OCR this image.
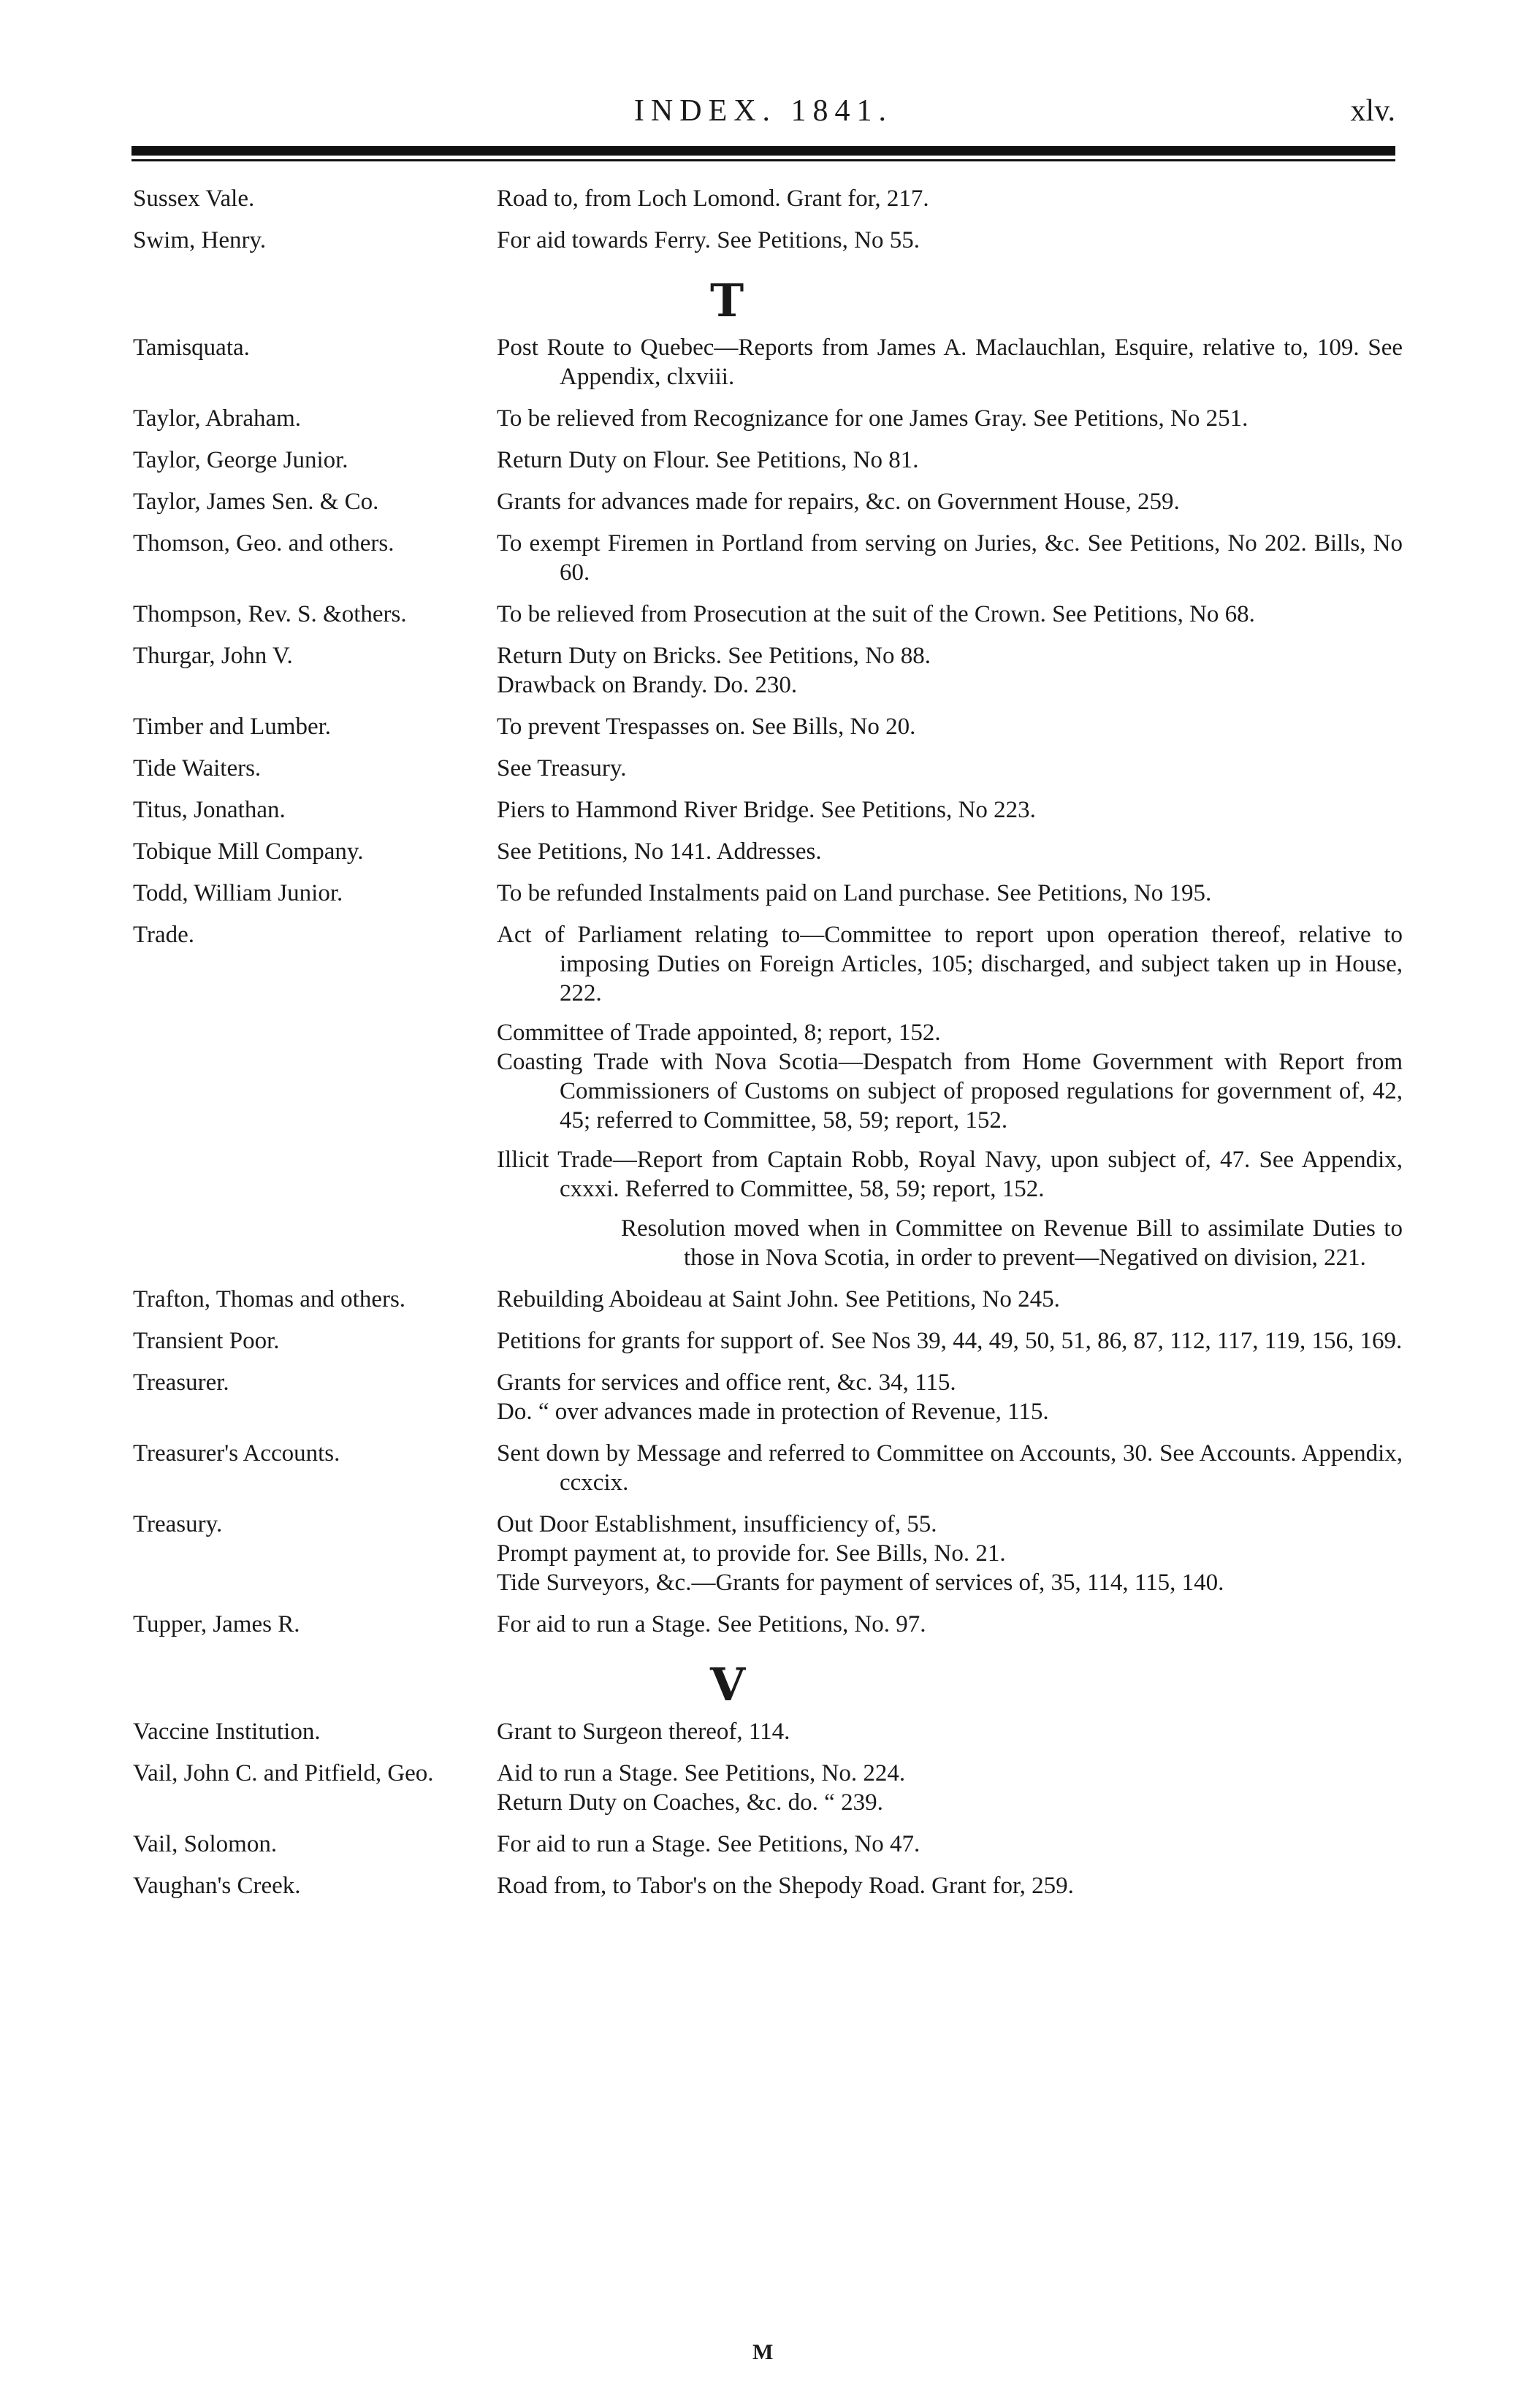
INDEX. 1841.	xlv.
Sussex Vale.	Road to, from Loch Lomond. Grant for, 217.
Swim, Henry.	For aid towards Ferry. See Petitions, No 55.
T
Tamisquata.	Post Route to Quebec—Reports from James A. Maclauchlan, Esquire, relative to, 109. See Appendix, clxviii.
Taylor, Abraham.	To be relieved from Recognizance for one James Gray. See Petitions, No 251.
Taylor, George Junior.	Return Duty on Flour. See Petitions, No 81.
Taylor, James Sen. & Co.	Grants for advances made for repairs, &c. on Government House, 259.
Thomson, Geo. and others.	To exempt Firemen in Portland from serving on Juries, &c. See Petitions, No 202. Bills, No 60.
Thompson, Rev. S. &others.	To be relieved from Prosecution at the suit of the Crown. See Petitions, No 68.
Thurgar, John V.	Return Duty on Bricks. See Petitions, No 88.
Drawback on Brandy. Do. 230.
Timber and Lumber.	To prevent Trespasses on. See Bills, No 20.
Tide Waiters.	See Treasury.
Titus, Jonathan.	Piers to Hammond River Bridge. See Petitions, No 223.
Tobique Mill Company.	See Petitions, No 141. Addresses.
Todd, William Junior.	To be refunded Instalments paid on Land purchase. See Petitions, No 195.
Trade.	Act of Parliament relating to—Committee to report upon operation thereof, relative to imposing Duties on Foreign Articles, 105; discharged, and subject taken up in House, 222.
Committee of Trade appointed, 8; report, 152.
Coasting Trade with Nova Scotia—Despatch from Home Government with Report from Commissioners of Customs on subject of proposed regulations for government of, 42, 45; referred to Committee, 58, 59; report, 152.
Illicit Trade—Report from Captain Robb, Royal Navy, upon subject of, 47. See Appendix, cxxxi. Referred to Committee, 58, 59; report, 152.
Resolution moved when in Committee on Revenue Bill to assimilate Duties to those in Nova Scotia, in order to prevent—Negatived on division, 221.
Trafton, Thomas and others.	Rebuilding Aboideau at Saint John. See Petitions, No 245.
Transient Poor.	Petitions for grants for support of. See Nos 39, 44, 49, 50, 51, 86, 87, 112, 117, 119, 156, 169.
Treasurer.	Grants for services and office rent, &c. 34, 115.
Do. “ over advances made in protection of Revenue, 115.
Treasurer's Accounts.	Sent down by Message and referred to Committee on Accounts, 30. See Accounts. Appendix, ccxcix.
Treasury.	Out Door Establishment, insufficiency of, 55.
Prompt payment at, to provide for. See Bills, No. 21.
Tide Surveyors, &c.—Grants for payment of services of, 35, 114, 115, 140.
Tupper, James R.	For aid to run a Stage. See Petitions, No. 97.
V
Vaccine Institution.	Grant to Surgeon thereof, 114.
Vail, John C. and Pitfield, Geo.	Aid to run a Stage. See Petitions, No. 224.
Return Duty on Coaches, &c. do. “ 239.
Vail, Solomon.	For aid to run a Stage. See Petitions, No 47.
Vaughan's Creek.	Road from, to Tabor's on the Shepody Road. Grant for, 259.
M
